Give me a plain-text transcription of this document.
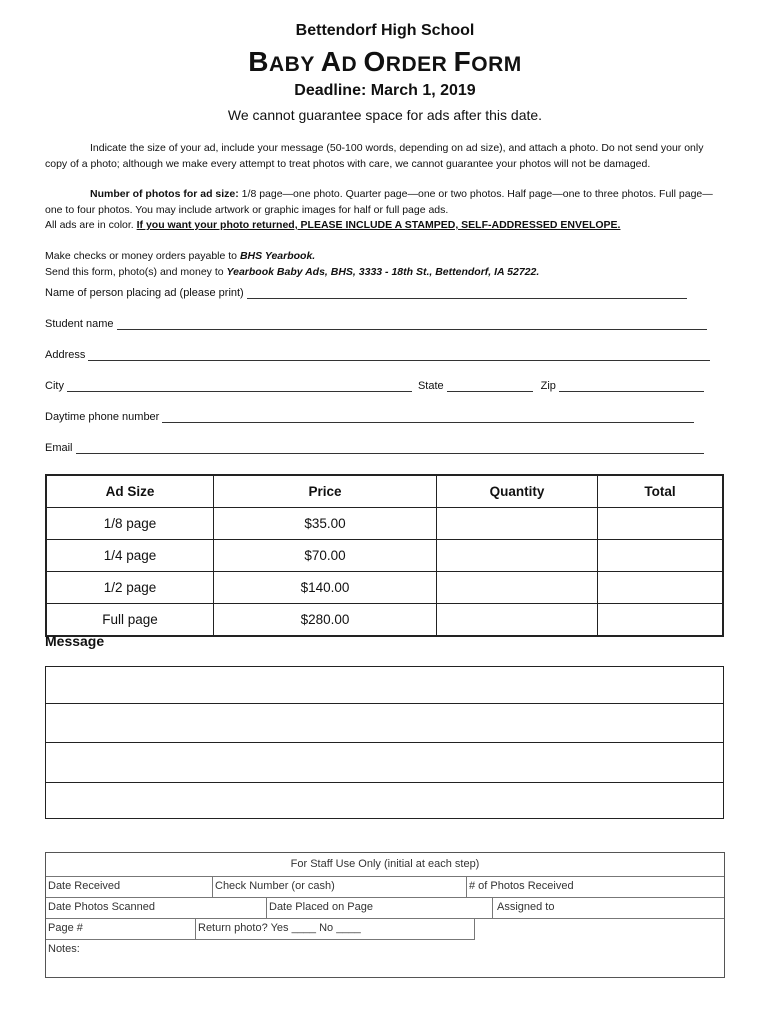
Bettendorf High School
BABY AD ORDER FORM
Deadline: March 1, 2019
We cannot guarantee space for ads after this date.
Indicate the size of your ad, include your message (50-100 words, depending on ad size), and attach a photo. Do not send your only copy of a photo; although we make every attempt to treat photos with care, we cannot guarantee your photos will not be damaged.
Number of photos for ad size: 1/8 page—one photo. Quarter page—one or two photos. Half page—one to three photos. Full page—one to four photos. You may include artwork or graphic images for half or full page ads.
All ads are in color. If you want your photo returned, PLEASE INCLUDE A STAMPED, SELF-ADDRESSED ENVELOPE.
Make checks or money orders payable to BHS Yearbook.
Send this form, photo(s) and money to Yearbook Baby Ads, BHS, 3333 - 18th St., Bettendorf, IA 52722.
Name of person placing ad (please print)
Student name
Address
City	State	Zip
Daytime phone number
Email
Ad Size	Price	Quantity	Total
1/8 page	$35.00		
1/4 page	$70.00		
1/2 page	$140.00		
Full page	$280.00		
Message
For Staff Use Only (initial at each step)
Date Received	Check Number (or cash)	# of Photos Received
Date Photos Scanned	Date Placed on Page	Assigned to
Page #	Return photo? Yes ____ No ____
Notes:
